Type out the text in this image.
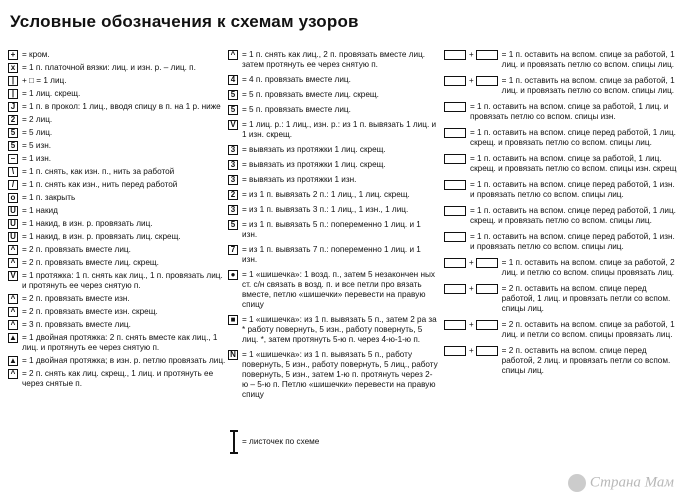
Условные обозначения к схемам узоров
+ = кром.
x = 1 п. платочной вязки: лиц. и изн. р. – лиц. п.
| + □ = 1 лиц.
| = 1 лиц. скрещ.
J = 1 п. в прокол: 1 лиц., вводя спицу в п. на 1 р. ниже
2 = 2 лиц.
5 = 5 лиц.
5 = 5 изн.
– = 1 изн.
\ = 1 п. снять, как изн. п., нить за работой
/ = 1 п. снять как изн., нить перед работой
o = 1 п. закрыть
U = 1 накид
U = 1 накид, в изн. р. провязать лиц.
U = 1 накид, в изн. р. провязать лиц. скрещ.
^ = 2 п. провязать вместе лиц.
^ = 2 п. провязать вместе лиц. скрещ.
V = 1 протяжка: 1 п. снять как лиц., 1 п. провязать лиц. и протянуть ее через снятую п.
^ = 2 п. провязать вместе изн.
^ = 2 п. провязать вместе изн. скрещ.
^ = 3 п. провязать вместе лиц.
▲ = 1 двойная протяжка: 2 п. снять вместе как лиц., 1 лиц. и протянуть ее через снятую п.
▲ = 1 двойная протяжка; в изн. р. петлю провязать лиц.
^ = 2 п. снять как лиц. скрещ., 1 лиц. и протянуть ее через снятые п.
^ = 1 п. снять как лиц., 2 п. провязать вместе лиц. затем протянуть ее через снятую п.
4 = 4 п. провязать вместе лиц.
5 = 5 п. провязать вместе лиц. скрещ.
5 = 5 п. провязать вместе лиц.
V = 1 лиц. р.: 1 лиц., изн. р.: из 1 п. вывязать 1 лиц. и 1 изн. скрещ.
3 = вывязать из протяжки 1 лиц. скрещ.
3 = вывязать из протяжки 1 лиц. скрещ.
3 = вывязать из протяжки 1 изн.
2 = из 1 п. вывязать 2 п.: 1 лиц., 1 лиц. скрещ.
3 = из 1 п. вывязать 3 п.: 1 лиц., 1 изн., 1 лиц.
5 = из 1 п. вывязать 5 п.: попеременно 1 лиц. и 1 изн.
7 = из 1 п. вывязать 7 п.: попеременно 1 лиц. и 1 изн.
● = 1 «шишечка»: 1 возд. п., затем 5 незакончен ных ст. с/н связать в возд. п. и все петли про вязать вместе, петлю «шишечки» перевести на правую спицу
■ = 1 «шишечка»: из 1 п. вывязать 5 п., затем 2 ра за * работу повернуть, 5 изн., работу повернуть, 5 лиц. *, затем протянуть 5-ю п. через 4-ю-1-ю п.
N = 1 «шишечка»: из 1 п. вывязать 5 п., работу повернуть, 5 изн., работу повернуть, 5 лиц., работу повернуть, 5 изн., затем 1-ю п. протянуть через 2-ю – 5-ю п. Петлю «шишечки» перевести на правую спицу
+	= 1 п. оставить на вспом. спице за работой, 1 лиц. и провязать петлю со вспом. спицы лиц.
+	= 1 п. оставить на вспом. спице за работой, 1 лиц. и провязать петлю со вспом. спицы лиц.
= 1 п. оставить на вспом. спице за работой, 1 лиц. и провязать петлю со вспом. спицы изн.
= 1 п. оставить на вспом. спице перед работой, 1 лиц. скрещ. и провязать петлю со вспом. спицы лиц.
= 1 п. оставить на вспом. спице за работой, 1 лиц. скрещ. и провязать петлю со вспом. спицы изн. скрещ
= 1 п. оставить на вспом. спице перед работой, 1 изн. и провязать петлю со вспом. спицы лиц.
= 1 п. оставить на вспом. спице перед работой, 1 лиц. скрещ. и провязать петлю со вспом. спицы лиц.
= 1 п. оставить на вспом. спице перед работой, 1 изн. и провязать петлю со вспом. спицы лиц.
+	= 1 п. оставить на вспом. спице за работой, 2 лиц. и петлю со вспом. спицы провязать лиц.
+	= 2 п. оставить на вспом. спице перед работой, 1 лиц. и провязать петли со вспом. спицы лиц.
+	= 2 п. оставить на вспом. спице за работой, 1 лиц. и петли со вспом. спицы провязать лиц.
+	= 2 п. оставить на вспом. спице перед работой, 2 лиц. и провязать петли со вспом. спицы лиц.
= листочек по схеме
Страна Мам
